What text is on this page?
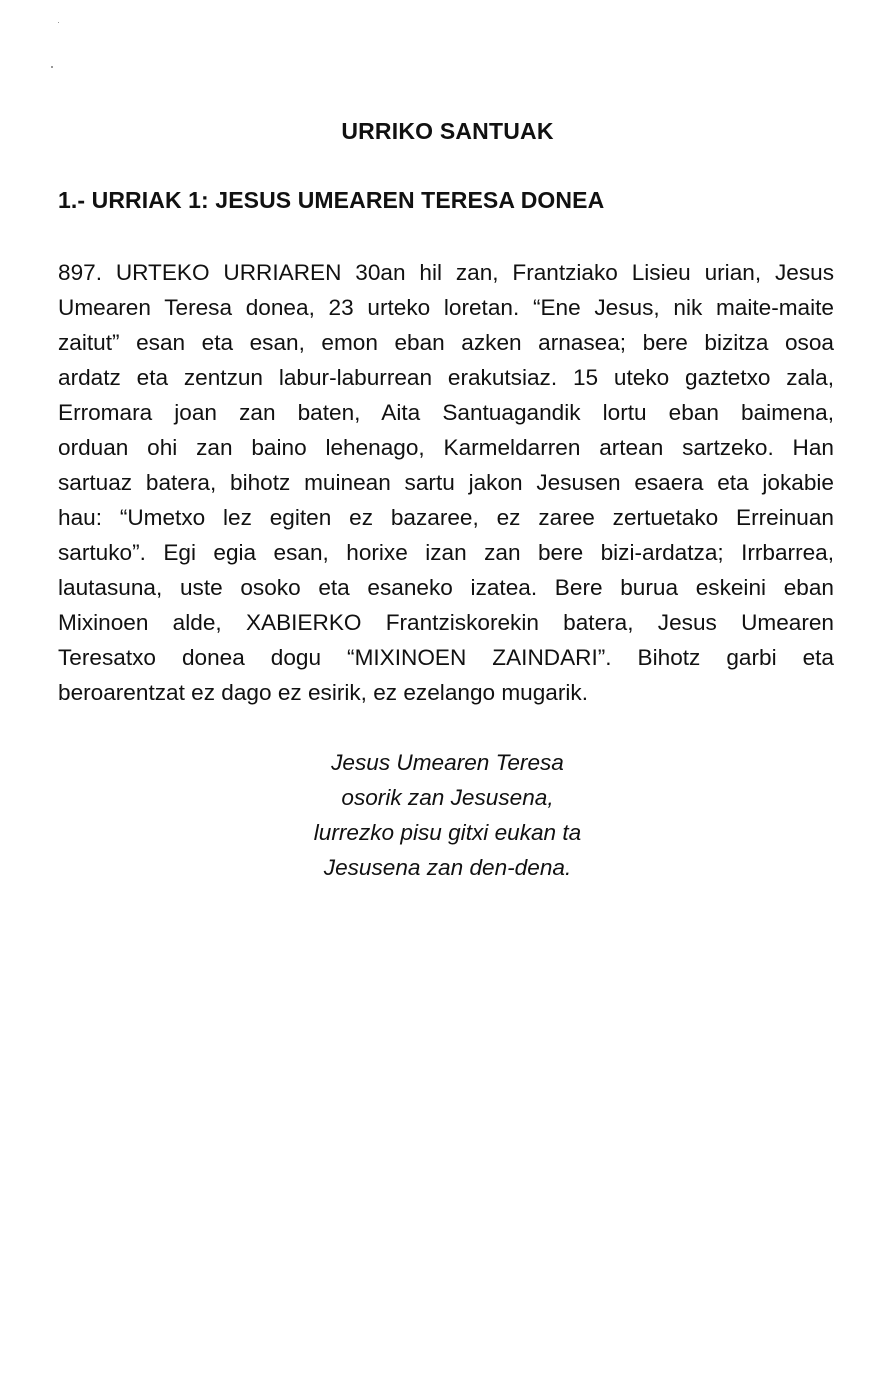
URRIKO SANTUAK
1.- URRIAK 1: JESUS UMEAREN TERESA DONEA

897. URTEKO URRIAREN 30an hil zan, Frantziako Lisieu urian, Jesus
Umearen Teresa donea, 23 urteko loretan. “Ene Jesus, nik maite-maite
zaitut” esan eta esan, emon eban azken arnasea; bere bizitza osoa
ardatz eta zentzun labur-laburrean erakutsiaz. 15 uteko gaztetxo zala,
Erromara joan zan baten, Aita Santuagandik lortu eban baimena,
orduan ohi zan baino lehenago, Karmeldarren artean sartzeko. Han
sartuaz batera, bihotz muinean sartu jakon Jesusen esaera eta jokabie
hau: “Umetxo lez egiten ez bazaree, ez zaree zertuetako Erreinuan
sartuko”. Egi egia esan, horixe izan zan bere bizi-ardatza; Irrbarrea,
lautasuna, uste osoko eta esaneko izatea. Bere burua eskeini eban
Mixinoen alde, XABIERKO Frantziskorekin batera, Jesus Umearen
Teresatxo donea dogu “MIXINOEN ZAINDARI”. Bihotz garbi eta
beroarentzat ez dago ez esirik, ez ezelango mugarik.

Jesus Umearen Teresa
osorik zan Jesusena,
lurrezko pisu gitxi eukan ta
Jesusena zan den-dena.
